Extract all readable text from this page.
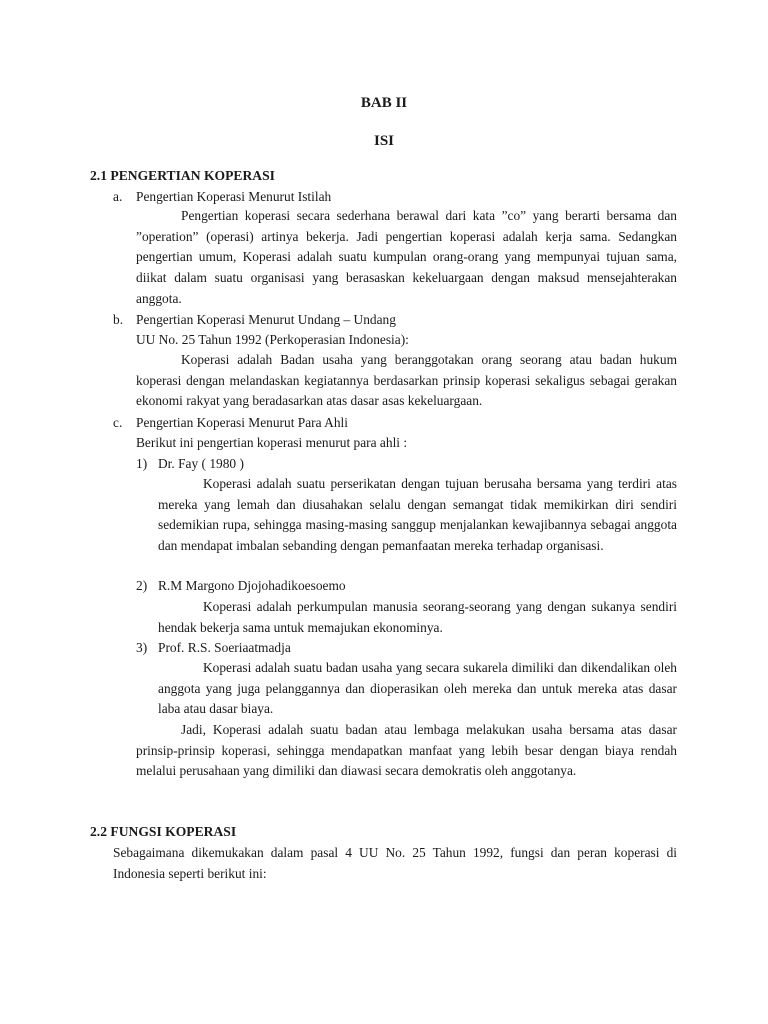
BAB II
ISI
2.1 PENGERTIAN KOPERASI

a. Pengertian Koperasi Menurut Istilah

Pengertian koperasi secara sederhana berawal dari kata ”co” yang berarti bersama dan ”operation” (operasi) artinya bekerja. Jadi pengertian koperasi adalah kerja sama. Sedangkan pengertian umum, Koperasi adalah suatu kumpulan orang-orang yang mempunyai tujuan sama, diikat dalam suatu organisasi yang berasaskan kekeluargaan dengan maksud mensejahterakan anggota.

b. Pengertian Koperasi Menurut Undang – Undang

UU No. 25 Tahun 1992 (Perkoperasian Indonesia):

Koperasi adalah Badan usaha yang beranggotakan orang seorang atau badan hukum koperasi dengan melandaskan kegiatannya berdasarkan prinsip koperasi sekaligus sebagai gerakan ekonomi rakyat yang beradasarkan atas dasar asas kekeluargaan.

c. Pengertian Koperasi Menurut Para Ahli

Berikut ini pengertian koperasi menurut para ahli :

1) Dr. Fay ( 1980 )

Koperasi adalah suatu perserikatan dengan tujuan berusaha bersama yang terdiri atas mereka yang lemah dan diusahakan selalu dengan semangat tidak memikirkan diri sendiri sedemikian rupa, sehingga masing-masing sanggup menjalankan kewajibannya sebagai anggota dan mendapat imbalan sebanding dengan pemanfaatan mereka terhadap organisasi.

2) R.M Margono Djojohadikoesoemo

Koperasi adalah perkumpulan manusia seorang-seorang yang dengan sukanya sendiri hendak bekerja sama untuk memajukan ekonominya.

3) Prof. R.S. Soeriaatmadja

Koperasi adalah suatu badan usaha yang secara sukarela dimiliki dan dikendalikan oleh anggota yang juga pelanggannya dan dioperasikan oleh mereka dan untuk mereka atas dasar laba atau dasar biaya.

Jadi, Koperasi adalah suatu badan atau lembaga melakukan usaha bersama atas dasar prinsip-prinsip koperasi, sehingga mendapatkan manfaat yang lebih besar dengan biaya rendah melalui perusahaan yang dimiliki dan diawasi secara demokratis oleh anggotanya.

2.2 FUNGSI KOPERASI

Sebagaimana dikemukakan dalam pasal 4 UU No. 25 Tahun 1992, fungsi dan peran koperasi di Indonesia seperti berikut ini:
